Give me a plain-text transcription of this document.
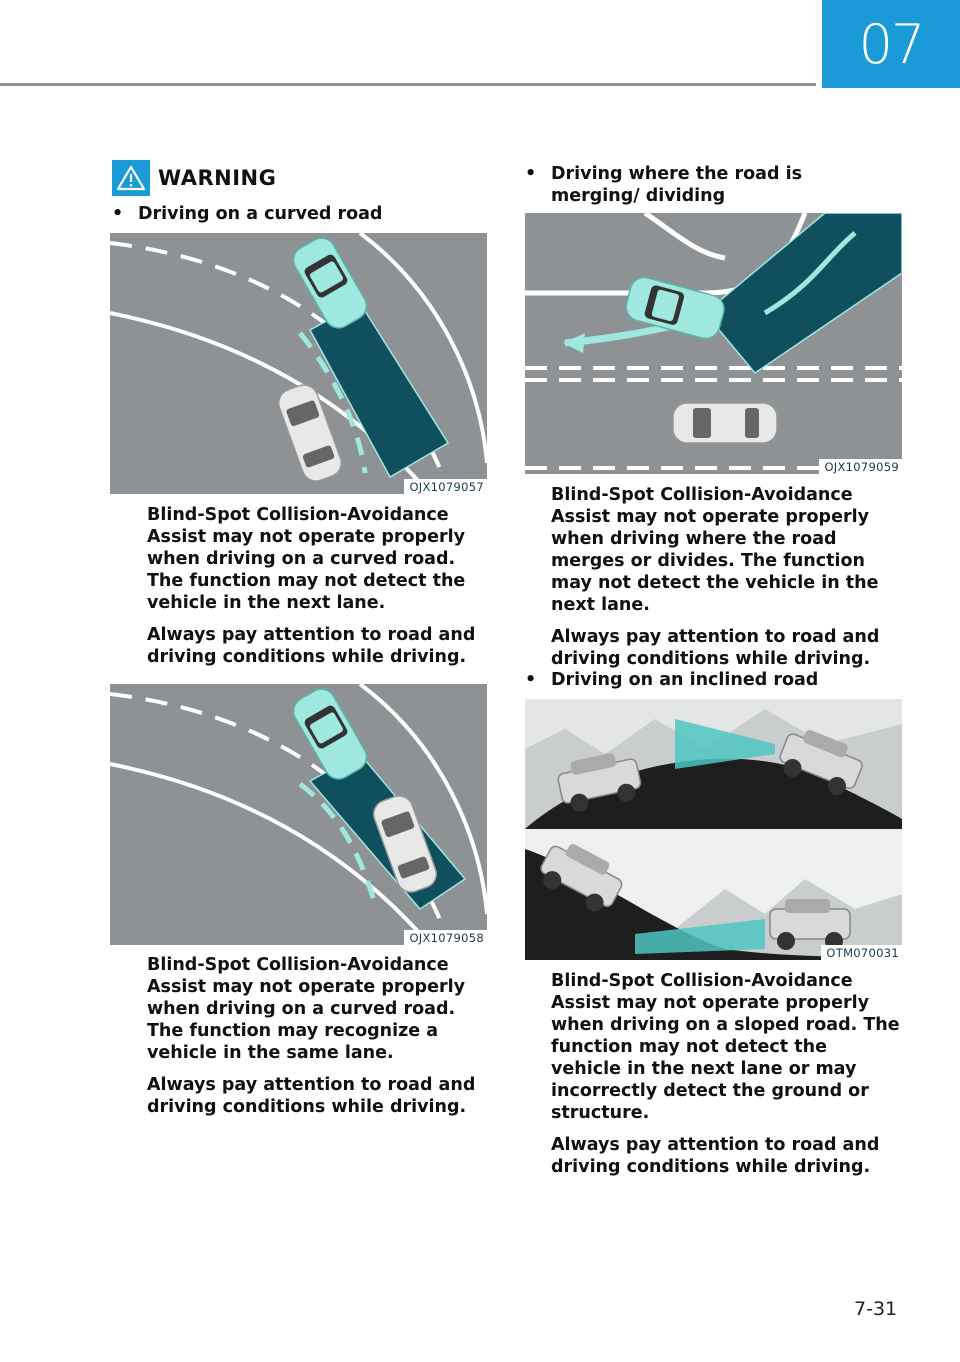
07
WARNING
• Driving on a curved road
OJX1079057

Blind-Spot Collision-Avoidance Assist may not operate properly when driving on a curved road. The function may not detect the vehicle in the next lane.

Always pay attention to road and driving conditions while driving.

OJX1079058

Blind-Spot Collision-Avoidance Assist may not operate properly when driving on a curved road. The function may recognize a vehicle in the same lane.

Always pay attention to road and driving conditions while driving.

• Driving where the road is merging/ dividing
OJX1079059

Blind-Spot Collision-Avoidance Assist may not operate properly when driving where the road merges or divides. The function may not detect the vehicle in the next lane.

Always pay attention to road and driving conditions while driving.

• Driving on an inclined road
OTM070031

Blind-Spot Collision-Avoidance Assist may not operate properly when driving on a sloped road. The function may not detect the vehicle in the next lane or may incorrectly detect the ground or structure.

Always pay attention to road and driving conditions while driving.

7-31
